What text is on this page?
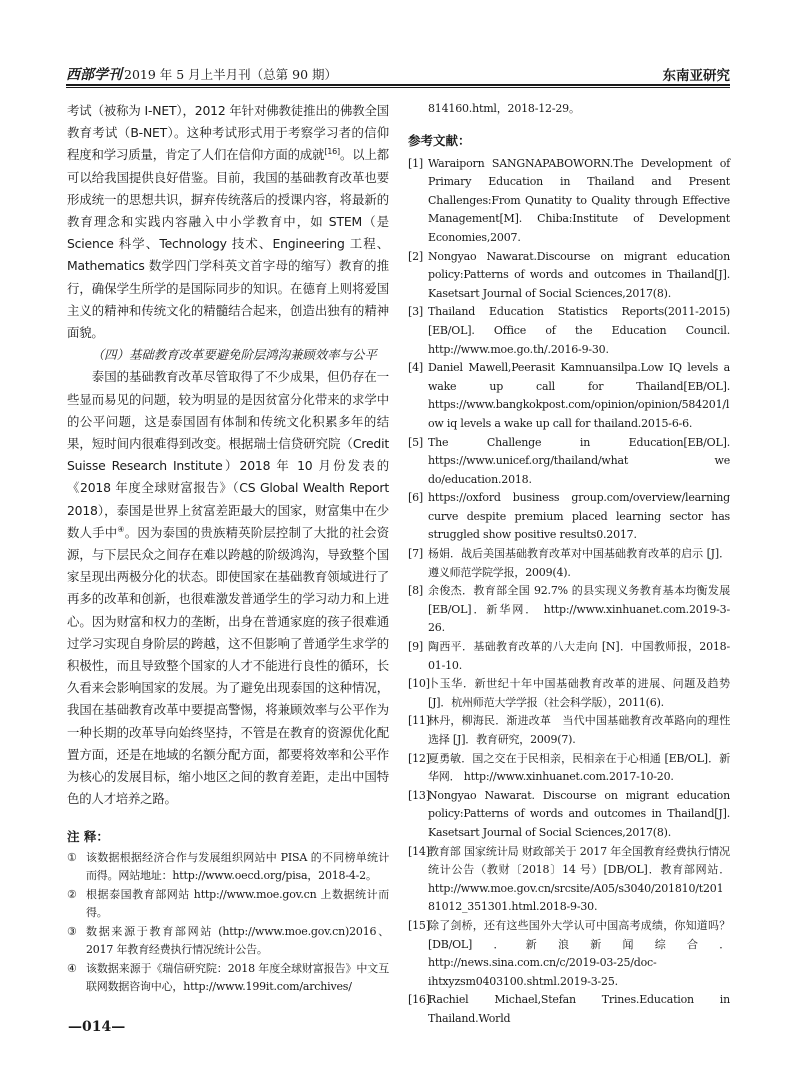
西部学刊 2019 年 5 月上半月刊（总第 90 期）	东南亚研究

考试（被称为 I-NET），2012 年针对佛教徒推出的佛教全国教育考试（B-NET）。这种考试形式用于考察学习者的信仰程度和学习质量，肯定了人们在信仰方面的成就[16]。以上都可以给我国提供良好借鉴。目前，我国的基础教育改革也要形成统一的思想共识，摒弃传统落后的授课内容，将最新的教育理念和实践内容融入中小学教育中，如 STEM（是 Science 科学、Technology 技术、Engineering 工程、Mathematics 数学四门学科英文首字母的缩写）教育的推行，确保学生所学的是国际同步的知识。在德育上则将爱国主义的精神和传统文化的精髓结合起来，创造出独有的精神面貌。

（四）基础教育改革要避免阶层鸿沟兼顾效率与公平

泰国的基础教育改革尽管取得了不少成果，但仍存在一些显而易见的问题，较为明显的是因贫富分化带来的求学中的公平问题，这是泰国固有体制和传统文化积累多年的结果，短时间内很难得到改变。根据瑞士信贷研究院（Credit Suisse Research Institute）2018 年 10 月份发表的《2018 年度全球财富报告》（CS Global Wealth Report 2018），泰国是世界上贫富差距最大的国家，财富集中在少数人手中④。因为泰国的贵族精英阶层控制了大批的社会资源，与下层民众之间存在难以跨越的阶级鸿沟，导致整个国家呈现出两极分化的状态。即使国家在基础教育领域进行了再多的改革和创新，也很难激发普通学生的学习动力和上进心。因为财富和权力的垄断，出身在普通家庭的孩子很难通过学习实现自身阶层的跨越，这不但影响了普通学生求学的积极性，而且导致整个国家的人才不能进行良性的循环，长久看来会影响国家的发展。为了避免出现泰国的这种情况，我国在基础教育改革中要提高警惕，将兼顾效率与公平作为一种长期的改革导向始终坚持，不管是在教育的资源优化配置方面，还是在地域的名额分配方面，都要将效率和公平作为核心的发展目标，缩小地区之间的教育差距，走出中国特色的人才培养之路。

注 释：

① 该数据根据经济合作与发展组织网站中 PISA 的不同榜单统计而得。网站地址：http://www.oecd.org/pisa，2018-4-2。

② 根据泰国教育部网站 http://www.moe.gov.cn 上数据统计而得。

③ 数据来源于教育部网站 (http://www.moe.gov.cn)2016、2017 年教育经费执行情况统计公告。

④ 该数据来源于《瑞信研究院：2018 年度全球财富报告》中文互联网数据咨询中心，http://www.199it.com/archives/

814160.html，2018-12-29。

参考文献：

[1] Waraiporn SANGNAPABOWORN.The Development of Primary Education in Thailand and Present Challenges:From Qunatity to Quality through Effective Management[M]. Chiba:Institute of Development Economies,2007.

[2] Nongyao Nawarat.Discourse on migrant education policy:Patterns of words and outcomes in Thailand[J]. Kasetsart Journal of Social Sciences,2017(8).

[3] Thailand Education Statistics Reports(2011-2015)[EB/OL]. Office of the Education Council. http://www.moe.go.th/.2016-9-30.

[4] Daniel Mawell,Peerasit Kamnuansilpa.Low IQ levels a wake up call for Thailand[EB/OL]. https://www.bangkokpost.com/opinion/opinion/584201/low iq levels a wake up call for thailand.2015-6-6.

[5] The Challenge in Education[EB/OL]. https://www.unicef.org/thailand/what we do/education.2018.

[6] https://oxford business group.com/overview/learning curve despite premium placed learning sector has struggled show positive results0.2017.

[7] 杨娟．战后美国基础教育改革对中国基础教育改革的启示 [J]．遵义师范学院学报，2009(4).

[8] 余俊杰．教育部全国 92.7% 的县实现义务教育基本均衡发展 [EB/OL]．新华网． http://www.xinhuanet.com.2019-3-26.

[9] 陶西平．基础教育改革的八大走向 [N]．中国教师报，2018-01-10.

[10]
卜玉华．新世纪十年中国基础教育改革的进展、问题及趋势 [J]．杭州师范大学学报（社会科学版），2011(6).

[11]
林丹，柳海民．渐进改革　当代中国基础教育改革路向的理性选择 [J]．教育研究，2009(7).

[12]
夏勇敏．国之交在于民相亲，民相亲在于心相通 [EB/OL]．新华网． http://www.xinhuanet.com.2017-10-20.

[13]
Nongyao Nawarat. Discourse on migrant education policy:Patterns of words and outcomes in Thailand[J]. Kasetsart Journal of Social Sciences,2017(8).

[14]
教育部 国家统计局 财政部关于 2017 年全国教育经费执行情况统计公告（教财〔2018〕14 号）[DB/OL]．教育部网站． http://www.moe.gov.cn/srcsite/A05/s3040/201810/t20181012_351301.html.2018-9-30.

[15]
除了剑桥，还有这些国外大学认可中国高考成绩，你知道吗？ [DB/OL]．新浪新闻综合． http://news.sina.com.cn/c/2019-03-25/doc-ihtxyzsm0403100.shtml.2019-3-25.

[16]
Rachiel Michael,Stefan Trines.Education in Thailand.World

—014—
